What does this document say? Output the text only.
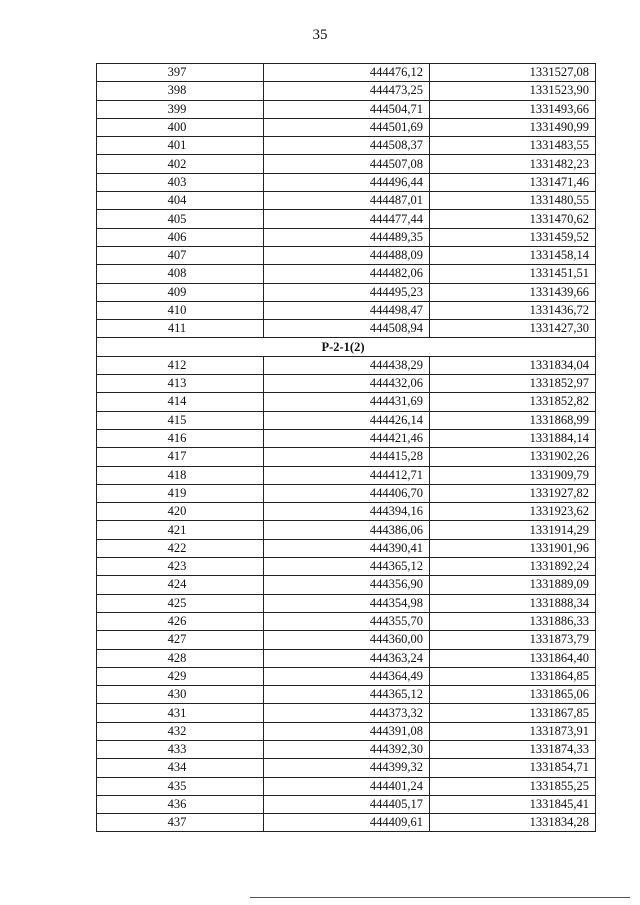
35
397	444476,12	1331527,08
398	444473,25	1331523,90
399	444504,71	1331493,66
400	444501,69	1331490,99
401	444508,37	1331483,55
402	444507,08	1331482,23
403	444496,44	1331471,46
404	444487,01	1331480,55
405	444477,44	1331470,62
406	444489,35	1331459,52
407	444488,09	1331458,14
408	444482,06	1331451,51
409	444495,23	1331439,66
410	444498,47	1331436,72
411	444508,94	1331427,30
Р-2-1(2)		
412	444438,29	1331834,04
413	444432,06	1331852,97
414	444431,69	1331852,82
415	444426,14	1331868,99
416	444421,46	1331884,14
417	444415,28	1331902,26
418	444412,71	1331909,79
419	444406,70	1331927,82
420	444394,16	1331923,62
421	444386,06	1331914,29
422	444390,41	1331901,96
423	444365,12	1331892,24
424	444356,90	1331889,09
425	444354,98	1331888,34
426	444355,70	1331886,33
427	444360,00	1331873,79
428	444363,24	1331864,40
429	444364,49	1331864,85
430	444365,12	1331865,06
431	444373,32	1331867,85
432	444391,08	1331873,91
433	444392,30	1331874,33
434	444399,32	1331854,71
435	444401,24	1331855,25
436	444405,17	1331845,41
437	444409,61	1331834,28
